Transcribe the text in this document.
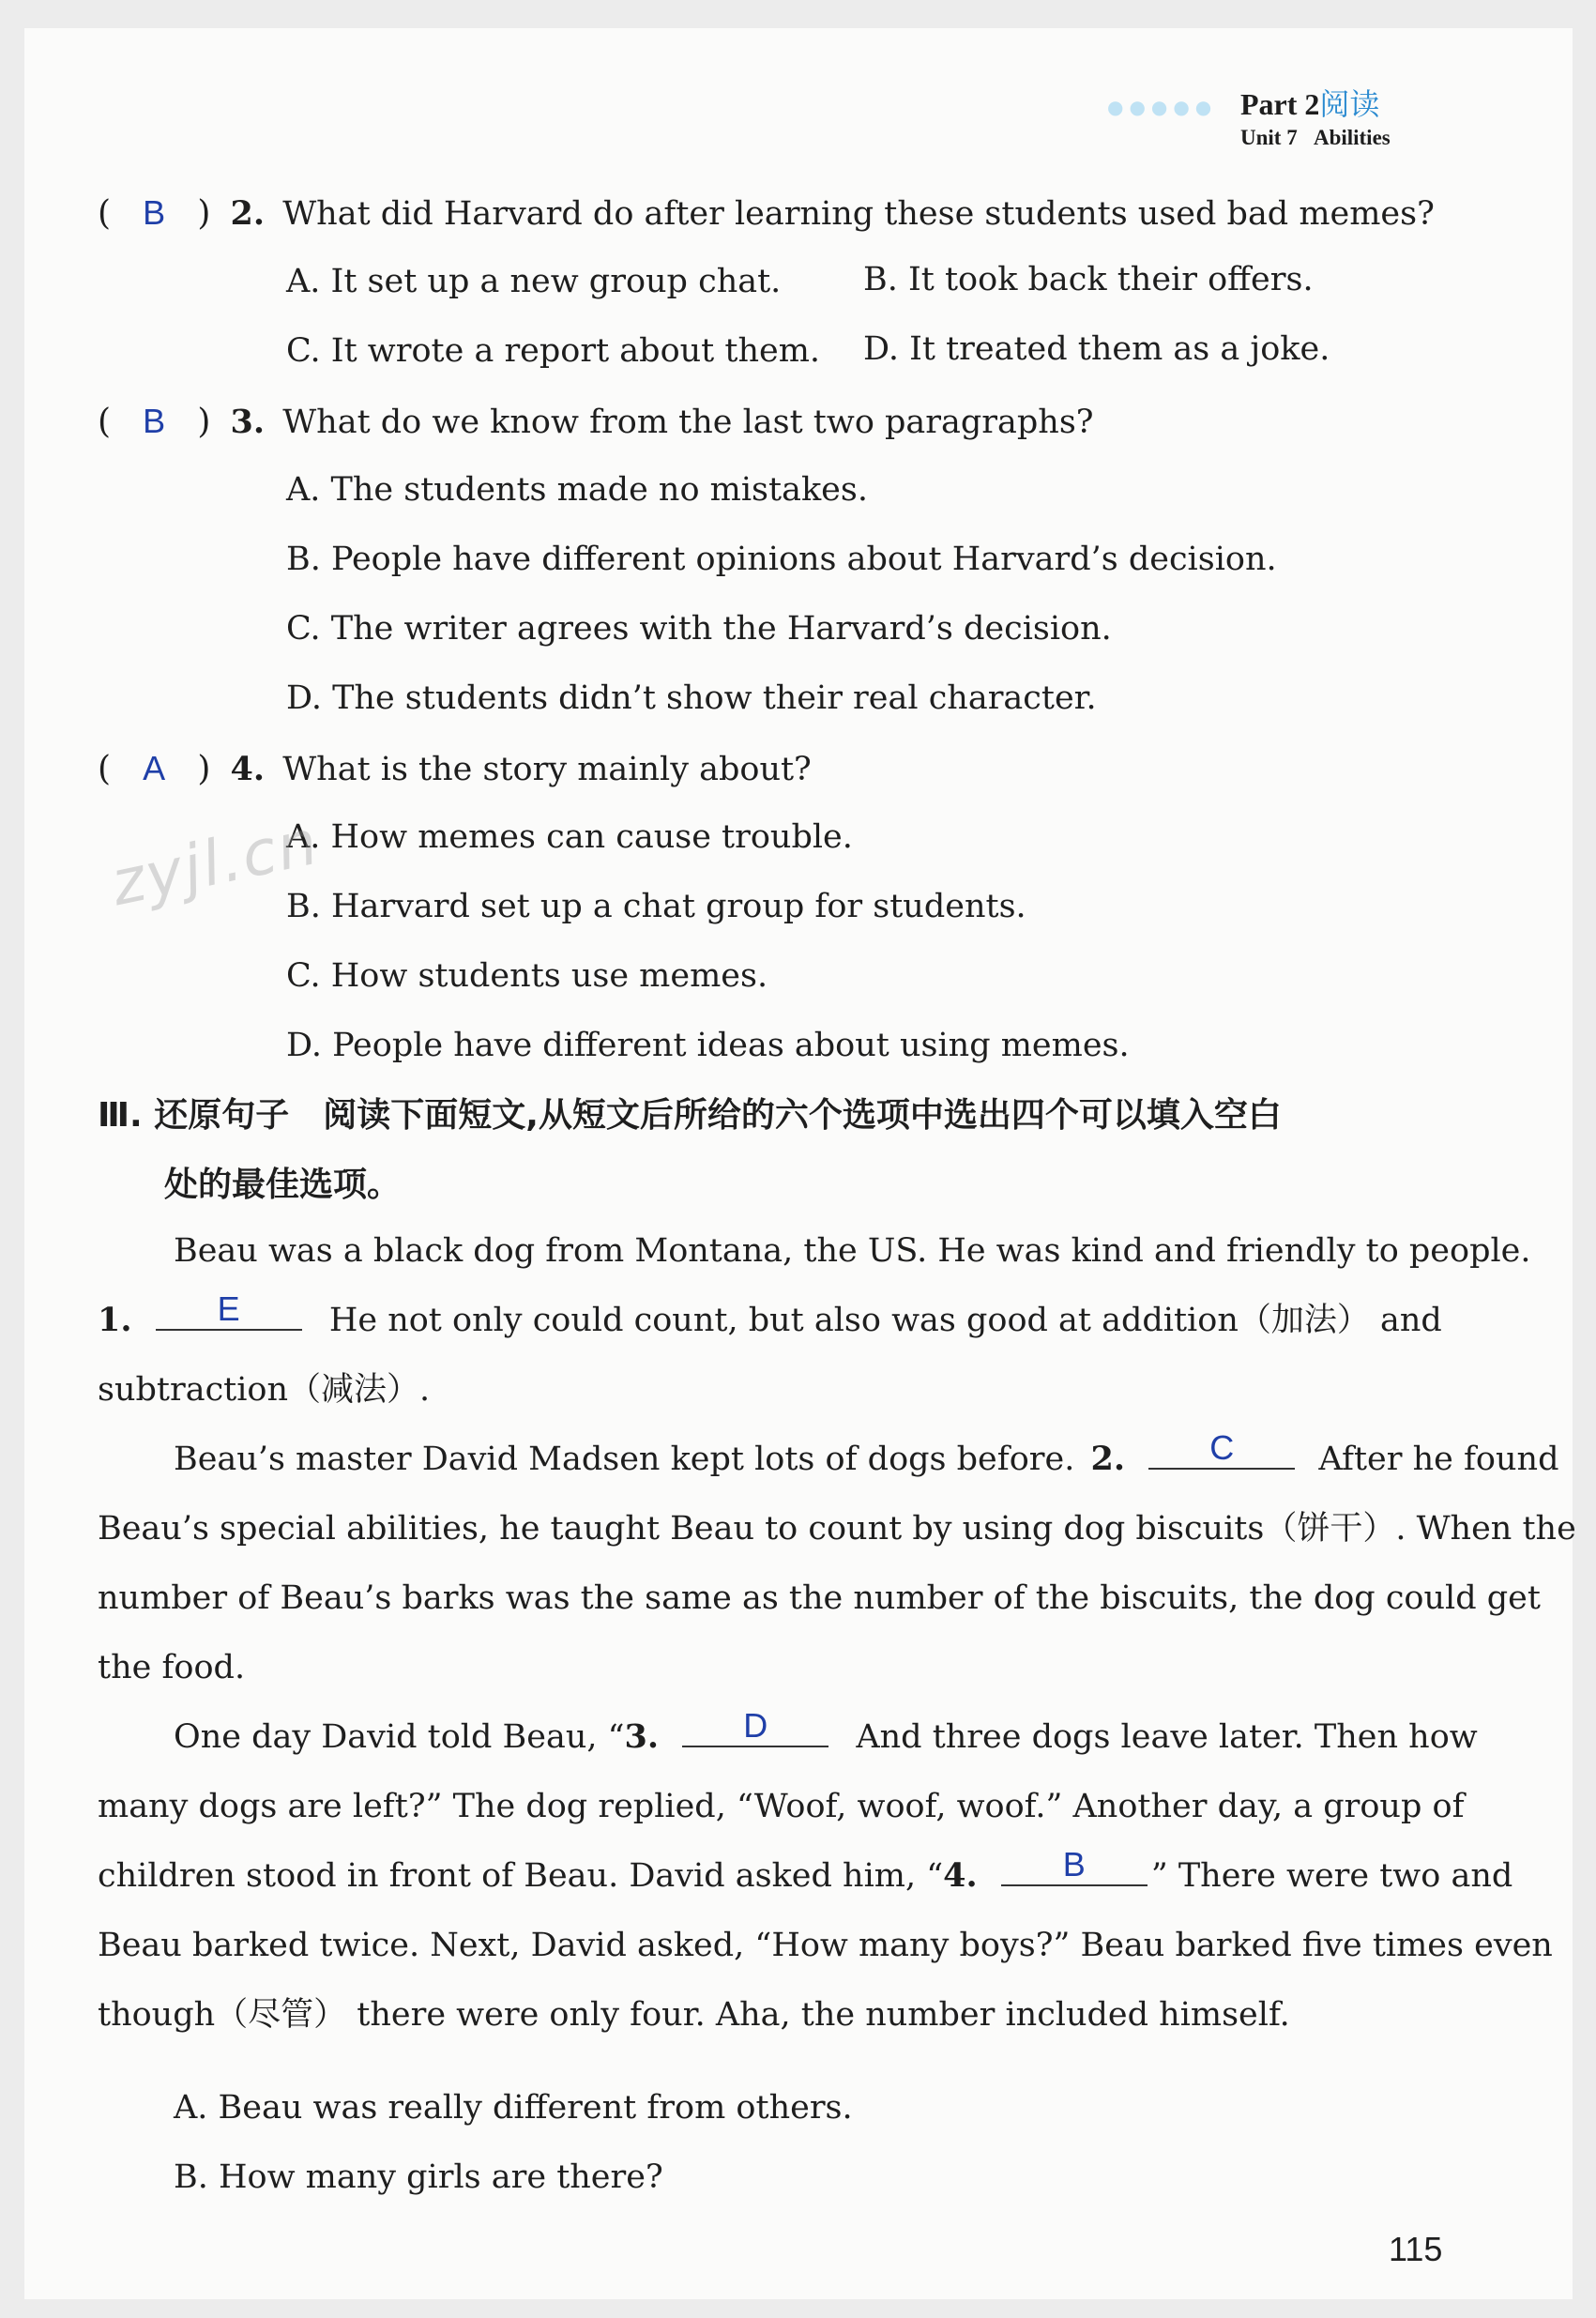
●●●●● Part 2阅读
Unit 7 Abilities
( B ) 2. What did Harvard do after learning these students used bad memes?
A. It set up a new group chat.	B. It took back their offers.
C. It wrote a report about them. D. It treated them as a joke.
( B ) 3. What do we know from the last two paragraphs?
A. The students made no mistakes.
B. People have different opinions about Harvard’s decision.
C. The writer agrees with the Harvard’s decision.
D. The students didn’t show their real character.
( A ) 4. What is the story mainly about?
A. How memes can cause trouble.
B. Harvard set up a chat group for students.
C. How students use memes.
D. People have different ideas about using memes.
zyjl.cn
Ⅲ. 还原句子　阅读下面短文,从短文后所给的六个选项中选出四个可以填入空白
处的最佳选项。
Beau was a black dog from Montana, the US. He was kind and friendly to people.
1.	E	He not only could count, but also was good at addition（加法） and
subtraction（减法）.
Beau’s master David Madsen kept lots of dogs before. 2.	C	After he found
Beau’s special abilities, he taught Beau to count by using dog biscuits（饼干）. When the
number of Beau’s barks was the same as the number of the biscuits, the dog could get
the food.
One day David told Beau, “3.	D	And three dogs leave later. Then how
many dogs are left?” The dog replied, “Woof, woof, woof.” Another day, a group of
children stood in front of Beau. David asked him, “4.	B	” There were two and
Beau barked twice. Next, David asked, “How many boys?” Beau barked five times even
though（尽管） there were only four. Aha, the number included himself.
A. Beau was really different from others.
B. How many girls are there?
115
